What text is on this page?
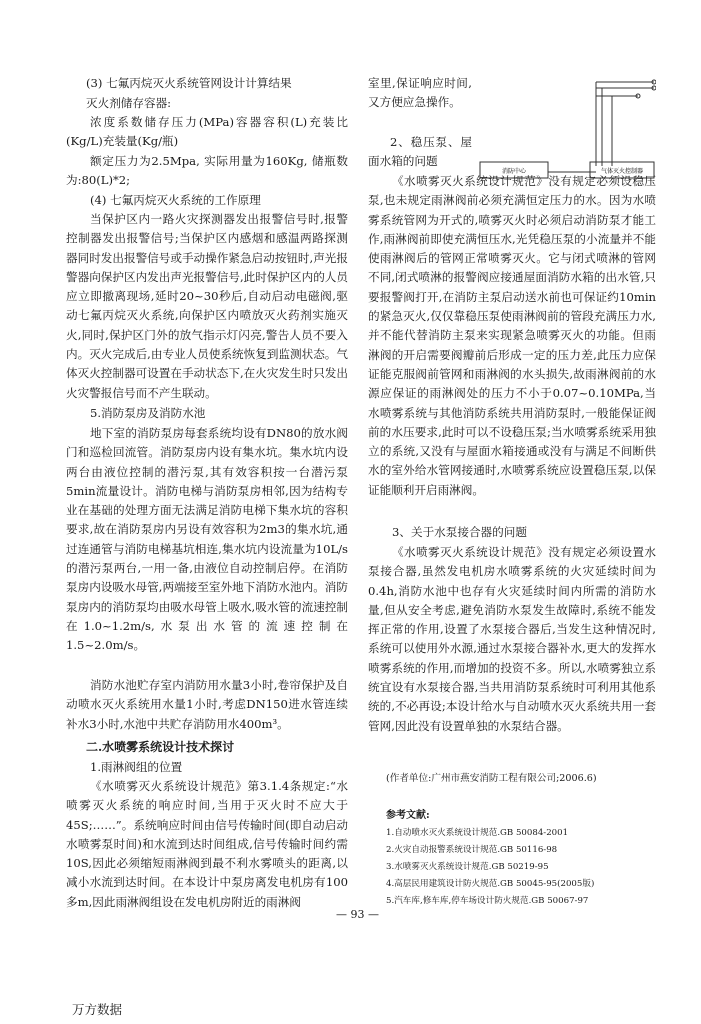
(3) 七氟丙烷灭火系统管网设计计算结果

灭火剂储存容器:

浓度系数储存压力(MPa)容器容积(L)充装比(Kg/L)充装量(Kg/瓶)

额定压力为2.5Mpa, 实际用量为160Kg, 储瓶数为:80(L)*2;

(4) 七氟丙烷灭火系统的工作原理

当保护区内一路火灾探测器发出报警信号时,报警控制器发出报警信号;当保护区内感烟和感温两路探测器同时发出报警信号或手动操作紧急启动按钮时,声光报警器向保护区内发出声光报警信号,此时保护区内的人员应立即撤离现场,延时20~30秒后,自动启动电磁阀,驱动七氟丙烷灭火系统,向保护区内喷放灭火药剂实施灭火,同时,保护区门外的放气指示灯闪亮,警告人员不要入内。灭火完成后,由专业人员使系统恢复到监测状态。气体灭火控制器可设置在手动状态下,在火灾发生时只发出火灾警报信号而不产生联动。

5.消防泵房及消防水池

地下室的消防泵房每套系统均设有DN80的放水阀门和巡检回流管。消防泵房内设有集水坑。集水坑内设两台由液位控制的潜污泵,其有效容积按一台潜污泵5min流量设计。消防电梯与消防泵房相邻,因为结构专业在基础的处理方面无法满足消防电梯下集水坑的容积要求,故在消防泵房内另设有效容积为2m3的集水坑,通过连通管与消防电梯基坑相连,集水坑内设流量为10L/s的潜污泵两台,一用一备,由液位自动控制启停。在消防泵房内设吸水母管,两端接至室外地下消防水池内。消防泵房内的消防泵均由吸水母管上吸水,吸水管的流速控制在1.0~1.2m/s,水泵出水管的流速控制在1.5~2.0m/s。

消防水池贮存室内消防用水量3小时,卷帘保护及自动喷水灭火系统用水量1小时,考虑DN150进水管连续补水3小时,水池中共贮存消防用水400m³。

二.水喷雾系统设计技术探讨

1.雨淋阀组的位置

《水喷雾灭火系统设计规范》第3.1.4条规定:“水喷雾灭火系统的响应时间,当用于灭火时不应大于45S;……”。系统响应时间由信号传输时间(即自动启动水喷雾泵时间)和水流到达时间组成,信号传输时间约需10S,因此必须缩短雨淋阀到最不利水雾喷头的距离,以减小水流到达时间。在本设计中泵房离发电机房有100多m,因此雨淋阀组设在发电机房附近的雨淋阀

室里,保证响应时间,又方便应急操作。

2、稳压泵、屋面水箱的问题

消防中心	气体灭火控制器

《水喷雾灭火系统设计规范》没有规定必须设稳压泵,也未规定雨淋阀前必须充满恒定压力的水。因为水喷雾系统管网为开式的,喷雾灭火时必须启动消防泵才能工作,雨淋阀前即使充满恒压水,光凭稳压泵的小流量并不能使雨淋阀后的管网正常喷雾灭火。它与闭式喷淋的管网不同,闭式喷淋的报警阀应接通屋面消防水箱的出水管,只要报警阀打开,在消防主泵启动送水前也可保证约10min的紧急灭火,仅仅靠稳压泵使雨淋阀前的管段充满压力水,并不能代替消防主泵来实现紧急喷雾灭火的功能。但雨淋阀的开启需要阀瓣前后形成一定的压力差,此压力应保证能克服阀前管网和雨淋阀的水头损失,故雨淋阀前的水源应保证的雨淋阀处的压力不小于0.07~0.10MPa,当水喷雾系统与其他消防系统共用消防泵时,一般能保证阀前的水压要求,此时可以不设稳压泵;当水喷雾系统采用独立的系统,又没有与屋面水箱接通或没有与满足不间断供水的室外给水管网接通时,水喷雾系统应设置稳压泵,以保证能顺利开启雨淋阀。

3、关于水泵接合器的问题

《水喷雾灭火系统设计规范》没有规定必须设置水泵接合器,虽然发电机房水喷雾系统的火灾延续时间为0.4h,消防水池中也存有火灾延续时间内所需的消防水量,但从安全考虑,避免消防水泵发生故障时,系统不能发挥正常的作用,设置了水泵接合器后,当发生这种情况时,系统可以使用外水源,通过水泵接合器补水,更大的发挥水喷雾系统的作用,而增加的投资不多。所以,水喷雾独立系统宜设有水泵接合器,当共用消防泵系统时可利用其他系统的,不必再设;本设计给水与自动喷水灭火系统共用一套管网,因此没有设置单独的水泵结合器。

(作者单位:广州市燕安消防工程有限公司;2006.6)

参考文献:

1.自动喷水灭火系统设计规范.GB 50084-2001

2.火灾自动报警系统设计规范.GB 50116-98

3.水喷雾灭火系统设计规范.GB 50219-95

4.高层民用建筑设计防火规范.GB 50045-95(2005版)

5.汽车库,修车库,停车场设计防火规范.GB 50067-97

— 93 —

万方数据
